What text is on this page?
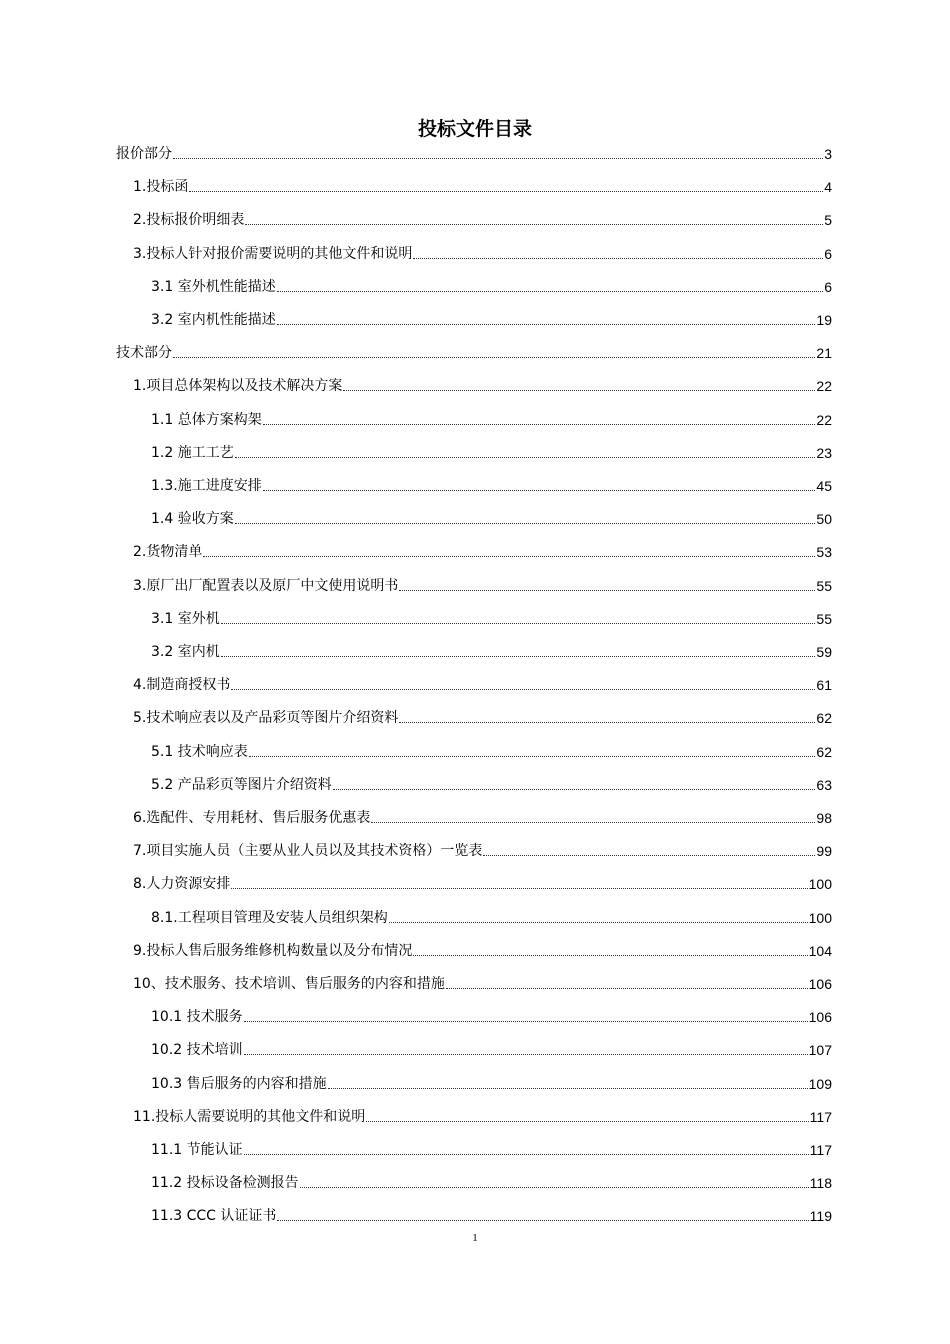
投标文件目录
报价部分	3
1.投标函	4
2.投标报价明细表	5
3.投标人针对报价需要说明的其他文件和说明	6
3.1 室外机性能描述	6
3.2 室内机性能描述	19
技术部分	21
1.项目总体架构以及技术解决方案	22
1.1 总体方案构架	22
1.2 施工工艺	23
1.3.施工进度安排	45
1.4 验收方案	50
2.货物清单	53
3.原厂出厂配置表以及原厂中文使用说明书	55
3.1 室外机	55
3.2 室内机	59
4.制造商授权书	61
5.技术响应表以及产品彩页等图片介绍资料	62
5.1 技术响应表	62
5.2 产品彩页等图片介绍资料	63
6.选配件、专用耗材、售后服务优惠表	98
7.项目实施人员（主要从业人员以及其技术资格）一览表	99
8.人力资源安排	100
8.1.工程项目管理及安装人员组织架构	100
9.投标人售后服务维修机构数量以及分布情况	104
10、技术服务、技术培训、售后服务的内容和措施	106
10.1 技术服务	106
10.2 技术培训	107
10.3 售后服务的内容和措施	109
11.投标人需要说明的其他文件和说明	117
11.1 节能认证	117
11.2 投标设备检测报告	118
11.3 CCC 认证证书	119
1
